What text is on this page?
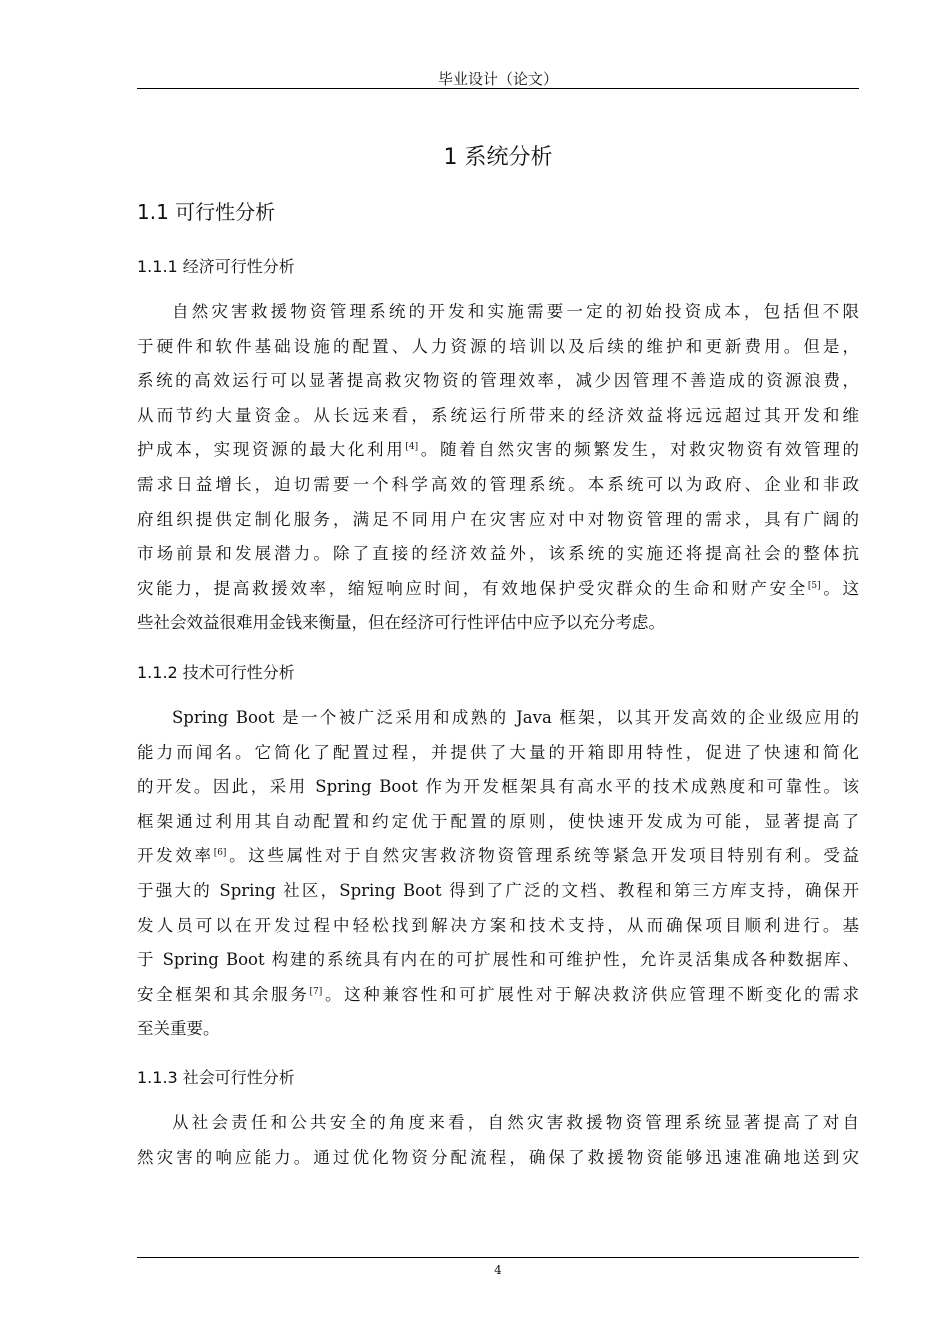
毕业设计（论文）
1 系统分析
1.1 可行性分析
1.1.1 经济可行性分析
自然灾害救援物资管理系统的开发和实施需要一定的初始投资成本，包括但不限
于硬件和软件基础设施的配置、人力资源的培训以及后续的维护和更新费用。但是，
系统的高效运行可以显著提高救灾物资的管理效率，减少因管理不善造成的资源浪费，
从而节约大量资金。从长远来看，系统运行所带来的经济效益将远远超过其开发和维
护成本，实现资源的最大化利用[4]。随着自然灾害的频繁发生，对救灾物资有效管理的
需求日益增长，迫切需要一个科学高效的管理系统。本系统可以为政府、企业和非政
府组织提供定制化服务，满足不同用户在灾害应对中对物资管理的需求，具有广阔的
市场前景和发展潜力。除了直接的经济效益外，该系统的实施还将提高社会的整体抗
灾能力，提高救援效率，缩短响应时间，有效地保护受灾群众的生命和财产安全[5]。这
些社会效益很难用金钱来衡量，但在经济可行性评估中应予以充分考虑。
1.1.2 技术可行性分析
Spring Boot 是一个被广泛采用和成熟的 Java 框架，以其开发高效的企业级应用的
能力而闻名。它简化了配置过程，并提供了大量的开箱即用特性，促进了快速和简化
的开发。因此，采用 Spring Boot 作为开发框架具有高水平的技术成熟度和可靠性。该
框架通过利用其自动配置和约定优于配置的原则，使快速开发成为可能，显著提高了
开发效率[6]。这些属性对于自然灾害救济物资管理系统等紧急开发项目特别有利。受益
于强大的 Spring 社区，Spring Boot 得到了广泛的文档、教程和第三方库支持，确保开
发人员可以在开发过程中轻松找到解决方案和技术支持，从而确保项目顺利进行。基
于 Spring Boot 构建的系统具有内在的可扩展性和可维护性，允许灵活集成各种数据库、
安全框架和其余服务[7]。这种兼容性和可扩展性对于解决救济供应管理不断变化的需求
至关重要。
1.1.3 社会可行性分析
从社会责任和公共安全的角度来看，自然灾害救援物资管理系统显著提高了对自
然灾害的响应能力。通过优化物资分配流程，确保了救援物资能够迅速准确地送到灾
4
